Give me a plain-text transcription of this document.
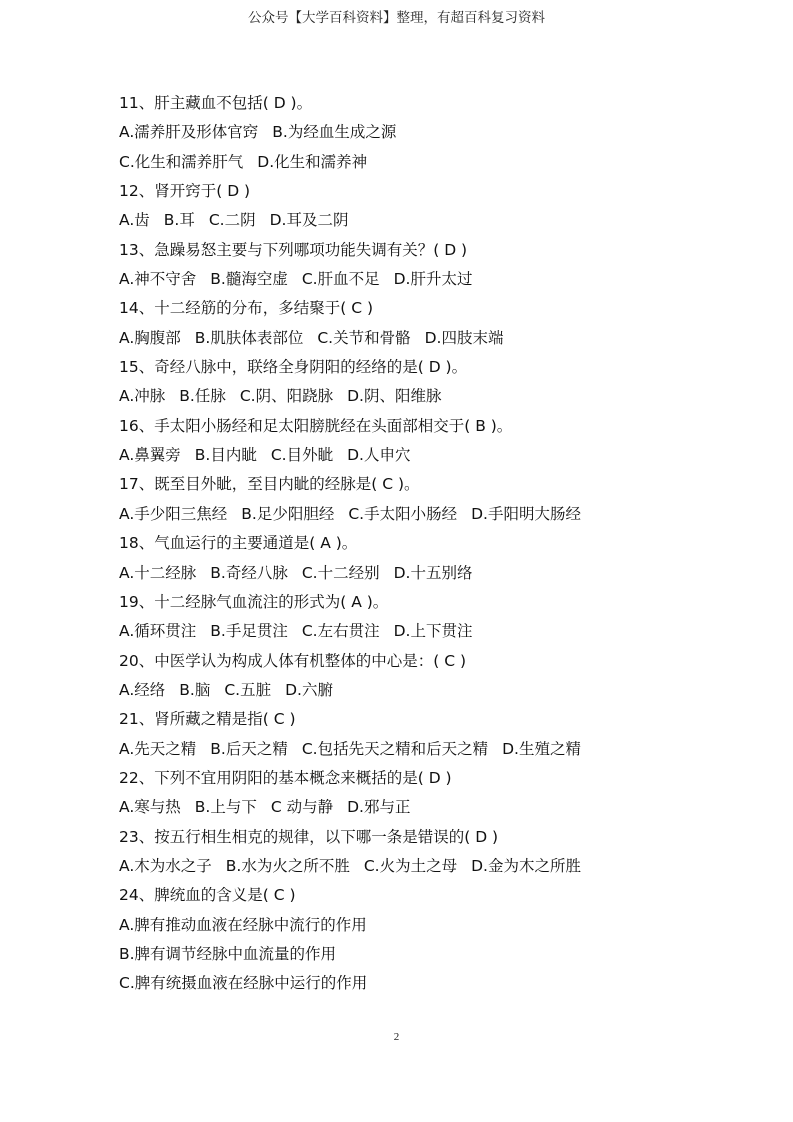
公众号【大学百科资料】整理，有超百科复习资料
11、肝主藏血不包括( D )。
A.濡养肝及形体官窍 B.为经血生成之源
C.化生和濡养肝气 D.化生和濡养神
12、肾开窍于( D )
A.齿 B.耳 C.二阴 D.耳及二阴
13、急躁易怒主要与下列哪项功能失调有关？( D )
A.神不守舍 B.髓海空虚 C.肝血不足 D.肝升太过
14、十二经筋的分布，多结聚于( C )
A.胸腹部 B.肌肤体表部位 C.关节和骨骼 D.四肢末端
15、奇经八脉中，联络全身阴阳的经络的是( D )。
A.冲脉 B.任脉 C.阴、阳跷脉 D.阴、阳维脉
16、手太阳小肠经和足太阳膀胱经在头面部相交于( B )。
A.鼻翼旁 B.目内眦 C.目外眦 D.人申穴
17、既至目外眦，至目内眦的经脉是( C )。
A.手少阳三焦经 B.足少阳胆经 C.手太阳小肠经 D.手阳明大肠经
18、气血运行的主要通道是( A )。
A.十二经脉 B.奇经八脉 C.十二经别 D.十五别络
19、十二经脉气血流注的形式为( A )。
A.循环贯注 B.手足贯注 C.左右贯注 D.上下贯注
20、中医学认为构成人体有机整体的中心是：( C )
A.经络 B.脑 C.五脏 D.六腑
21、肾所藏之精是指( C )
A.先天之精 B.后天之精 C.包括先天之精和后天之精 D.生殖之精
22、下列不宜用阴阳的基本概念来概括的是( D )
A.寒与热 B.上与下 C 动与静 D.邪与正
23、按五行相生相克的规律，以下哪一条是错误的( D )
A.木为水之子 B.水为火之所不胜 C.火为土之母 D.金为木之所胜
24、脾统血的含义是( C )
A.脾有推动血液在经脉中流行的作用
B.脾有调节经脉中血流量的作用
C.脾有统摄血液在经脉中运行的作用
2
